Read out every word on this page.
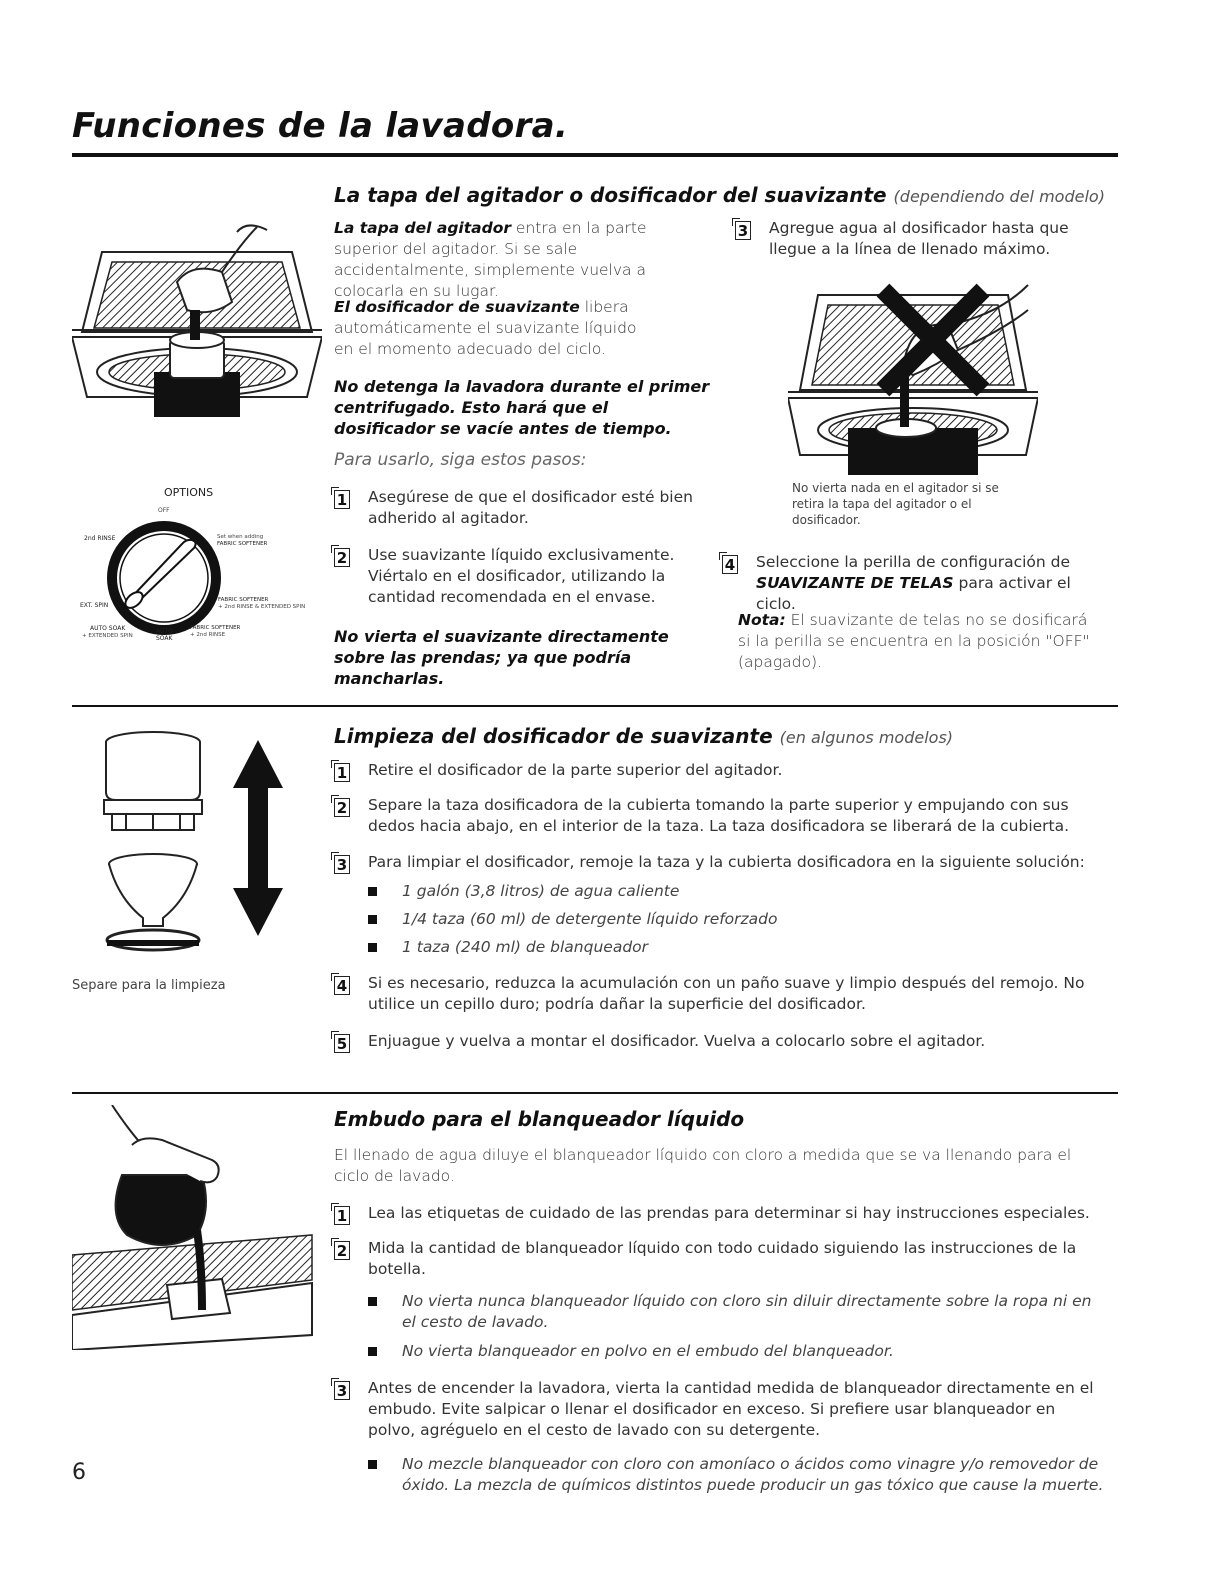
Funciones de la lavadora.
La tapa del agitador o dosificador del suavizante (dependiendo del modelo)
OPTIONS
OFF
2nd RINSE	Set when adding
FABRIC SOFTENER
EXT. SPIN
FABRIC SOFTENER
+ 2nd RINSE & EXTENDED SPIN
AUTO SOAK
+ EXTENDED SPIN
AUTO
SOAK
FABRIC SOFTENER
+ 2nd RINSE
La tapa del agitador entra en la parte superior del agitador. Si se sale accidentalmente, simplemente vuelva a colocarla en su lugar.
El dosificador de suavizante libera automáticamente el suavizante líquido en el momento adecuado del ciclo.
No detenga la lavadora durante el primer centrifugado. Esto hará que el dosificador se vacíe antes de tiempo.
Para usarlo, siga estos pasos:
1 Asegúrese de que el dosificador esté bien adherido al agitador.
2 Use suavizante líquido exclusivamente. Viértalo en el dosificador, utilizando la cantidad recomendada en el envase.
No vierta el suavizante directamente sobre las prendas; ya que podría mancharlas.
3 Agregue agua al dosificador hasta que llegue a la línea de llenado máximo.
No vierta nada en el agitador si se retira la tapa del agitador o el dosificador.
4 Seleccione la perilla de configuración de SUAVIZANTE DE TELAS para activar el ciclo.
Nota: El suavizante de telas no se dosificará si la perilla se encuentra en la posición "OFF" (apagado).
Limpieza del dosificador de suavizante (en algunos modelos)
Separe para la limpieza
1 Retire el dosificador de la parte superior del agitador.
2 Separe la taza dosificadora de la cubierta tomando la parte superior y empujando con sus dedos hacia abajo, en el interior de la taza. La taza dosificadora se liberará de la cubierta.
3 Para limpiar el dosificador, remoje la taza y la cubierta dosificadora en la siguiente solución:
1 galón (3,8 litros) de agua caliente
1/4 taza (60 ml) de detergente líquido reforzado
1 taza (240 ml) de blanqueador
4 Si es necesario, reduzca la acumulación con un paño suave y limpio después del remojo. No utilice un cepillo duro; podría dañar la superficie del dosificador.
5 Enjuague y vuelva a montar el dosificador. Vuelva a colocarlo sobre el agitador.
Embudo para el blanqueador líquido
El llenado de agua diluye el blanqueador líquido con cloro a medida que se va llenando para el ciclo de lavado.
1 Lea las etiquetas de cuidado de las prendas para determinar si hay instrucciones especiales.
2 Mida la cantidad de blanqueador líquido con todo cuidado siguiendo las instrucciones de la botella.
No vierta nunca blanqueador líquido con cloro sin diluir directamente sobre la ropa ni en el cesto de lavado.
No vierta blanqueador en polvo en el embudo del blanqueador.
3 Antes de encender la lavadora, vierta la cantidad medida de blanqueador directamente en el embudo. Evite salpicar o llenar el dosificador en exceso. Si prefiere usar blanqueador en polvo, agréguelo en el cesto de lavado con su detergente.
No mezcle blanqueador con cloro con amoníaco o ácidos como vinagre y/o removedor de óxido. La mezcla de químicos distintos puede producir un gas tóxico que cause la muerte.
6
